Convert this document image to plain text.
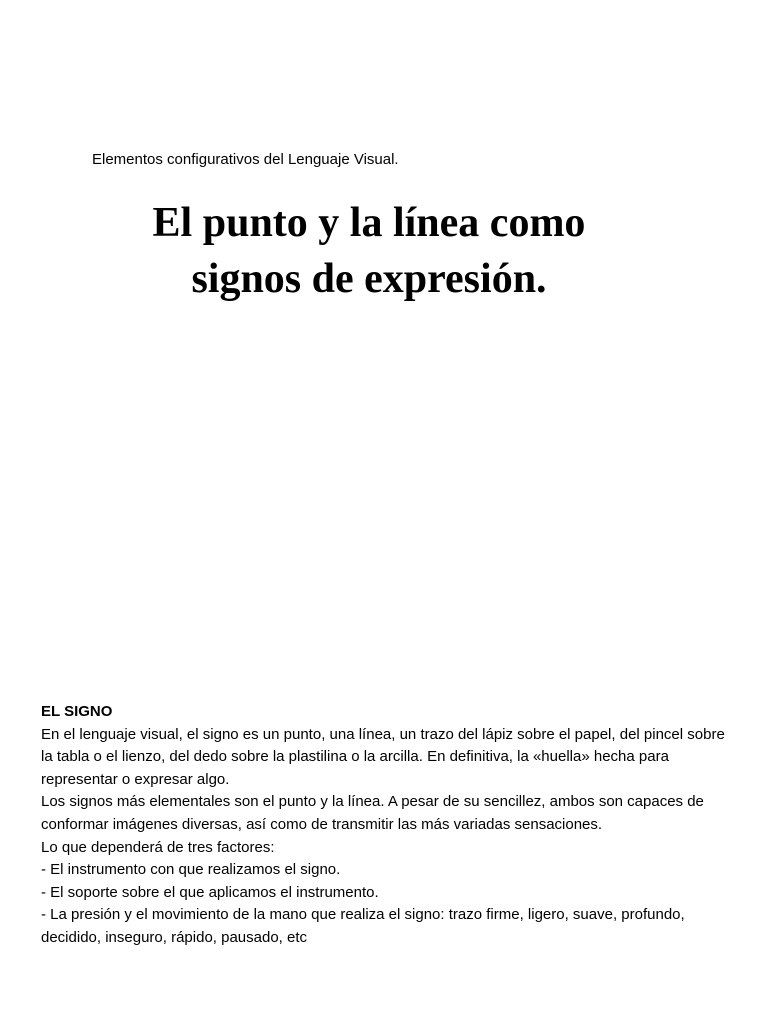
Elementos configurativos del Lenguaje Visual.
El punto y la línea como
signos de expresión.
EL SIGNO

En el lenguaje visual, el signo es un punto, una línea, un trazo del lápiz sobre el papel, del pincel sobre la tabla o el lienzo, del dedo sobre la plastilina o la arcilla. En definitiva, la «huella» hecha para representar o expresar algo.

Los signos más elementales son el punto y la línea. A pesar de su sencillez, ambos son capaces de conformar imágenes diversas, así como de transmitir las más variadas sensaciones.

Lo que dependerá de tres factores:

- El instrumento con que realizamos el signo.

- El soporte sobre el que aplicamos el instrumento.

- La presión y el movimiento de la mano que realiza el signo: trazo firme, ligero, suave, profundo, decidido, inseguro, rápido, pausado, etc
